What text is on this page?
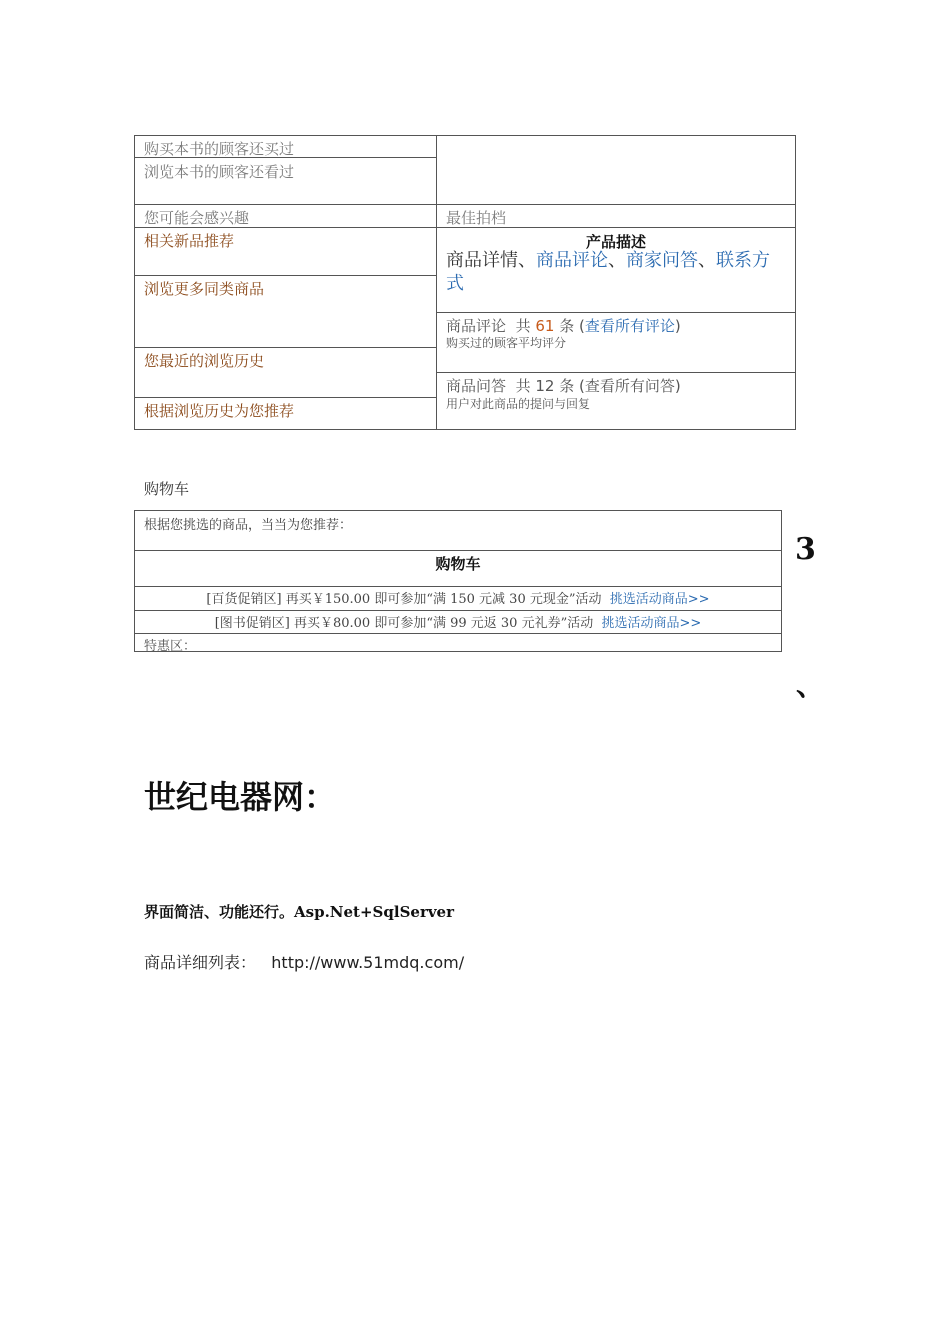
购买本书的顾客还买过
浏览本书的顾客还看过
您可能会感兴趣
相关新品推荐
浏览更多同类商品
您最近的浏览历史
根据浏览历史为您推荐
最佳拍档
产品描述
商品详情、商品评论、商家问答、联系方式
商品评论 共 61 条 (查看所有评论)
购买过的顾客平均评分
商品问答 共 12 条 (查看所有问答)
用户对此商品的提问与回复
购物车
根据您挑选的商品，当当为您推荐：
购物车
[百货促销区] 再买￥150.00 即可参加“满 150 元减 30 元现金”活动 挑选活动商品>>
[图书促销区] 再买￥80.00 即可参加“满 99 元返 30 元礼券”活动 挑选活动商品>>
特惠区：
3
、
世纪电器网：
界面简洁、功能还行。Asp.Net+SqlServer
商品详细列表： http://www.51mdq.com/
